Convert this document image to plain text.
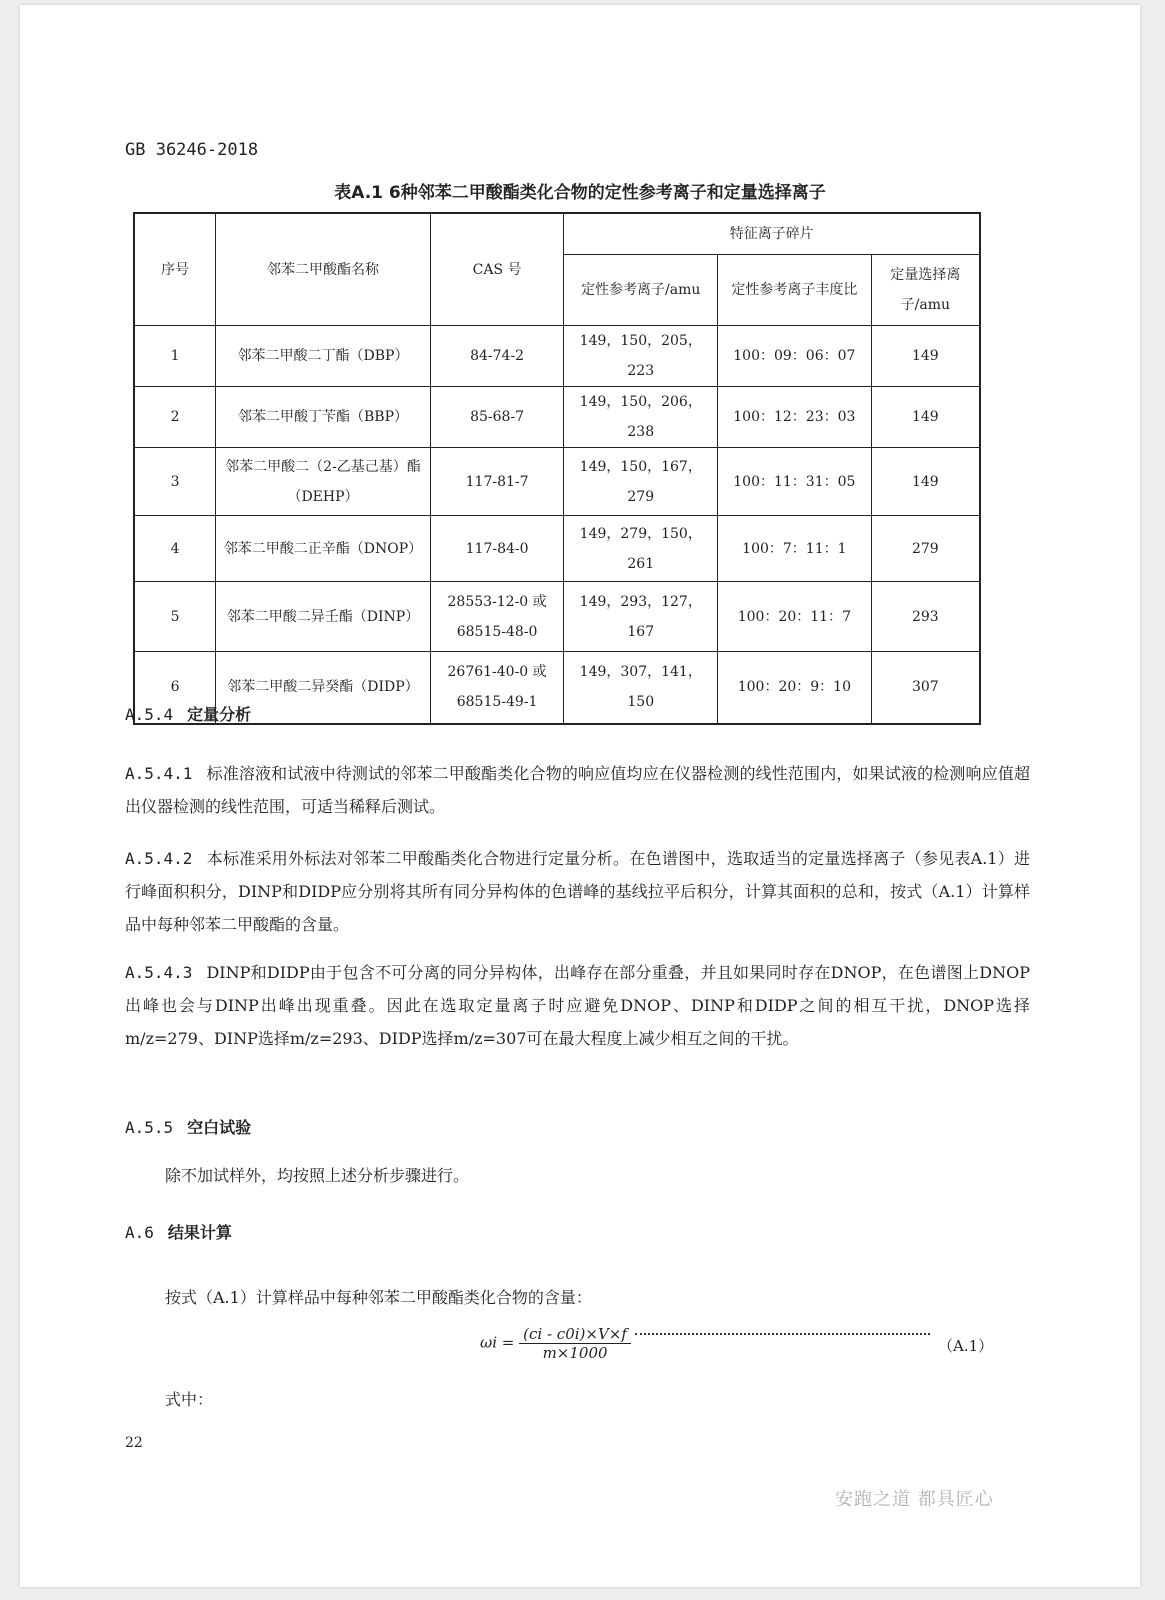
GB 36246-2018
表A.1 6种邻苯二甲酸酯类化合物的定性参考离子和定量选择离子
序号	邻苯二甲酸酯名称	CAS 号	特征离子碎片		
			定性参考离子/amu	定性参考离子丰度比	定量选择离子/amu
1	邻苯二甲酸二丁酯（DBP）	84-74-2	149，150，205，223	100：09：06：07	149
2	邻苯二甲酸丁苄酯（BBP）	85-68-7	149，150，206，238	100：12：23：03	149
3	邻苯二甲酸二（2-乙基己基）酯（DEHP）	117-81-7	149，150，167，279	100：11：31：05	149
4	邻苯二甲酸二正辛酯（DNOP）	117-84-0	149，279，150，261	100：7：11：1	279
5	邻苯二甲酸二异壬酯（DINP）	28553-12-0 或 68515-48-0	149，293，127，167	100：20：11：7	293
6	邻苯二甲酸二异癸酯（DIDP）	26761-40-0 或 68515-49-1	149，307，141，150	100：20：9：10	307
A.5.4 定量分析
A.5.4.1 标准溶液和试液中待测试的邻苯二甲酸酯类化合物的响应值均应在仪器检测的线性范围内，如果试液的检测响应值超出仪器检测的线性范围，可适当稀释后测试。
A.5.4.2 本标准采用外标法对邻苯二甲酸酯类化合物进行定量分析。在色谱图中，选取适当的定量选择离子（参见表A.1）进行峰面积积分，DINP和DIDP应分别将其所有同分异构体的色谱峰的基线拉平后积分，计算其面积的总和，按式（A.1）计算样品中每种邻苯二甲酸酯的含量。
A.5.4.3 DINP和DIDP由于包含不可分离的同分异构体，出峰存在部分重叠，并且如果同时存在DNOP，在色谱图上DNOP出峰也会与DINP出峰出现重叠。因此在选取定量离子时应避免DNOP、DINP和DIDP之间的相互干扰，DNOP选择m/z=279、DINP选择m/z=293、DIDP选择m/z=307可在最大程度上减少相互之间的干扰。
A.5.5 空白试验
除不加试样外，均按照上述分析步骤进行。
A.6 结果计算
按式（A.1）计算样品中每种邻苯二甲酸酯类化合物的含量：
$\omega i = \frac{(ci - c0i)\times V\times f}{m\times 1000}$	（A.1）
式中：
22
安跑之道 都具匠心
